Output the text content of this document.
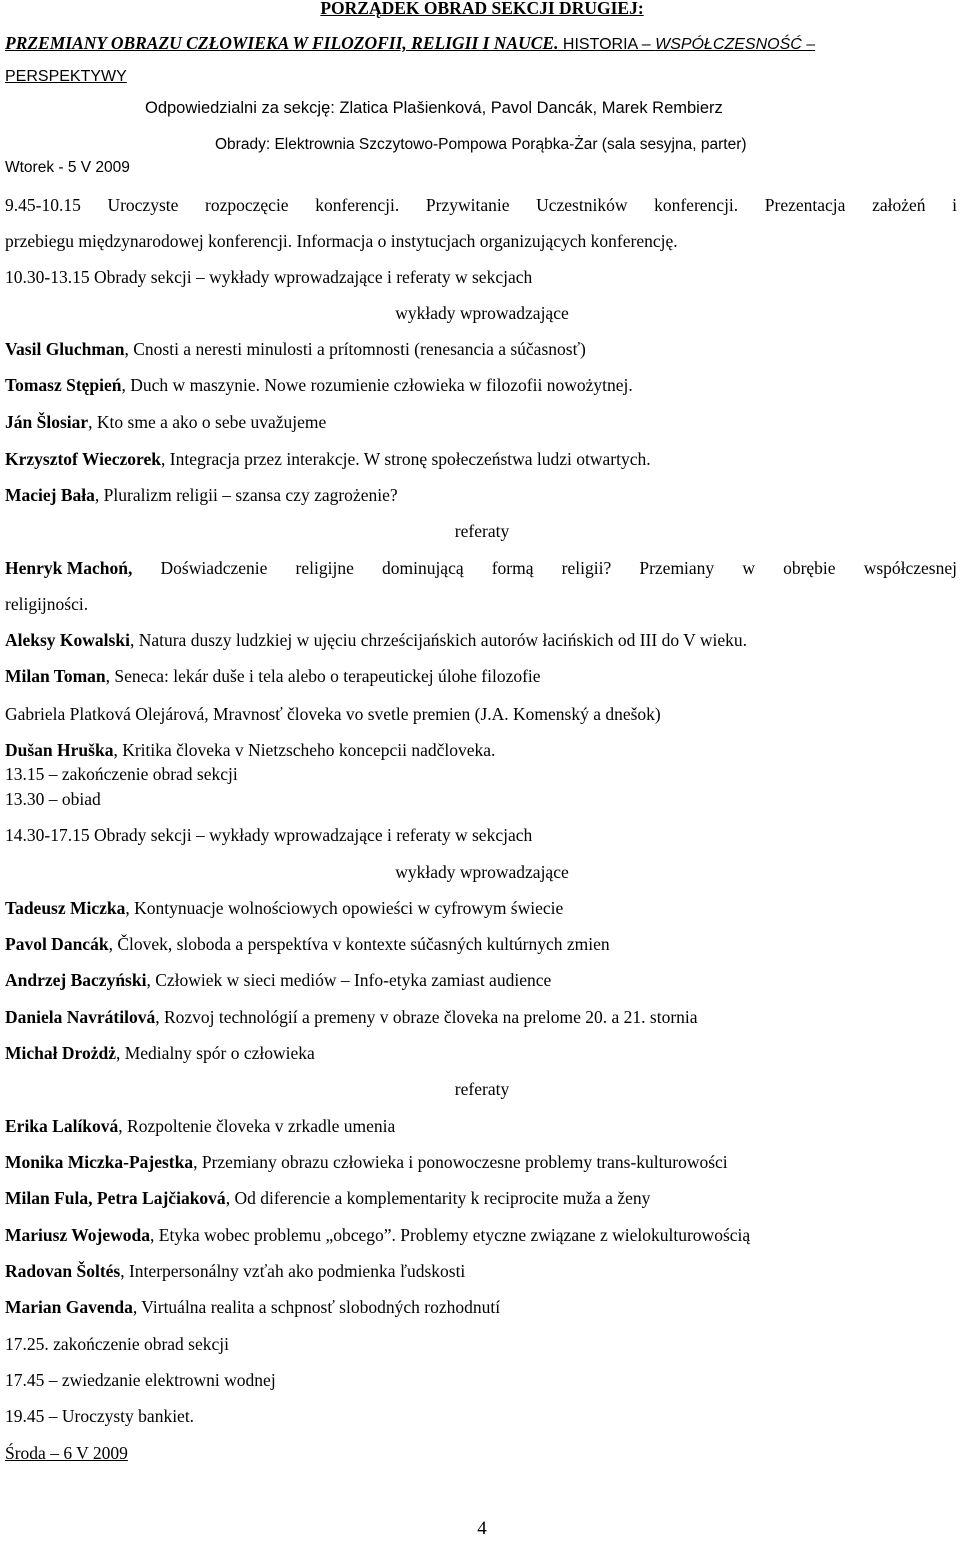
PORZĄDEK OBRAD SEKCJI DRUGIEJ:
PRZEMIANY OBRAZU CZŁOWIEKA W FILOZOFII, RELIGII I NAUCE. HISTORIA – WSPÓŁCZESNOŚĆ –
PERSPEKTYWY
Odpowiedzialni za sekcję: Zlatica Plašienková, Pavol Dancák, Marek Rembierz
Obrady: Elektrownia Szczytowo-Pompowa Porąbka-Żar (sala sesyjna, parter)
Wtorek - 5 V 2009
9.45-10.15 Uroczyste rozpoczęcie konferencji. Przywitanie Uczestników konferencji. Prezentacja założeń i
przebiegu międzynarodowej konferencji. Informacja o instytucjach organizujących konferencję.
10.30-13.15 Obrady sekcji – wykłady wprowadzające i referaty w sekcjach
wykłady wprowadzające
Vasil Gluchman, Cnosti a neresti minulosti a prítomnosti (renesancia a súčasnosť)
Tomasz Stępień, Duch w maszynie. Nowe rozumienie człowieka w filozofii nowożytnej.
Ján Šlosiar, Kto sme a ako o sebe uvažujeme
Krzysztof Wieczorek, Integracja przez interakcje. W stronę społeczeństwa ludzi otwartych.
Maciej Bała, Pluralizm religii – szansa czy zagrożenie?
referaty
Henryk Machoń, Doświadczenie religijne dominującą formą religii? Przemiany w obrębie współczesnej
religijności.
Aleksy Kowalski, Natura duszy ludzkiej w ujęciu chrześcijańskich autorów łacińskich od III do V wieku.
Milan Toman, Seneca: lekár duše i tela alebo o terapeutickej úlohe filozofie
Gabriela Platková Olejárová, Mravnosť človeka vo svetle premien (J.A. Komenský a dnešok)
Dušan Hruška, Kritika človeka v Nietzscheho koncepcii nadčloveka.
13.15 – zakończenie obrad sekcji
13.30 – obiad
14.30-17.15 Obrady sekcji – wykłady wprowadzające i referaty w sekcjach
wykłady wprowadzające
Tadeusz Miczka, Kontynuacje wolnościowych opowieści w cyfrowym świecie
Pavol Dancák, Človek, sloboda a perspektíva v kontexte súčasných kultúrnych zmien
Andrzej Baczyński, Człowiek w sieci mediów – Info-etyka zamiast audience
Daniela Navrátilová, Rozvoj technológií a premeny v obraze človeka na prelome 20. a 21. stornia
Michał Drożdż, Medialny spór o człowieka
referaty
Erika Lalíková, Rozpoltenie človeka v zrkadle umenia
Monika Miczka-Pajestka, Przemiany obrazu człowieka i ponowoczesne problemy trans-kulturowości
Milan Fula, Petra Lajčiaková, Od diferencie a komplementarity k reciprocite muža a ženy
Mariusz Wojewoda, Etyka wobec problemu „obcego”. Problemy etyczne związane z wielokulturowością
Radovan Šoltés, Interpersonálny vzťah ako podmienka ľudskosti
Marian Gavenda, Virtuálna realita a schpnosť slobodných rozhodnutí
17.25. zakończenie obrad sekcji
17.45 – zwiedzanie elektrowni wodnej
19.45 – Uroczysty bankiet.
Środa – 6 V 2009
4
